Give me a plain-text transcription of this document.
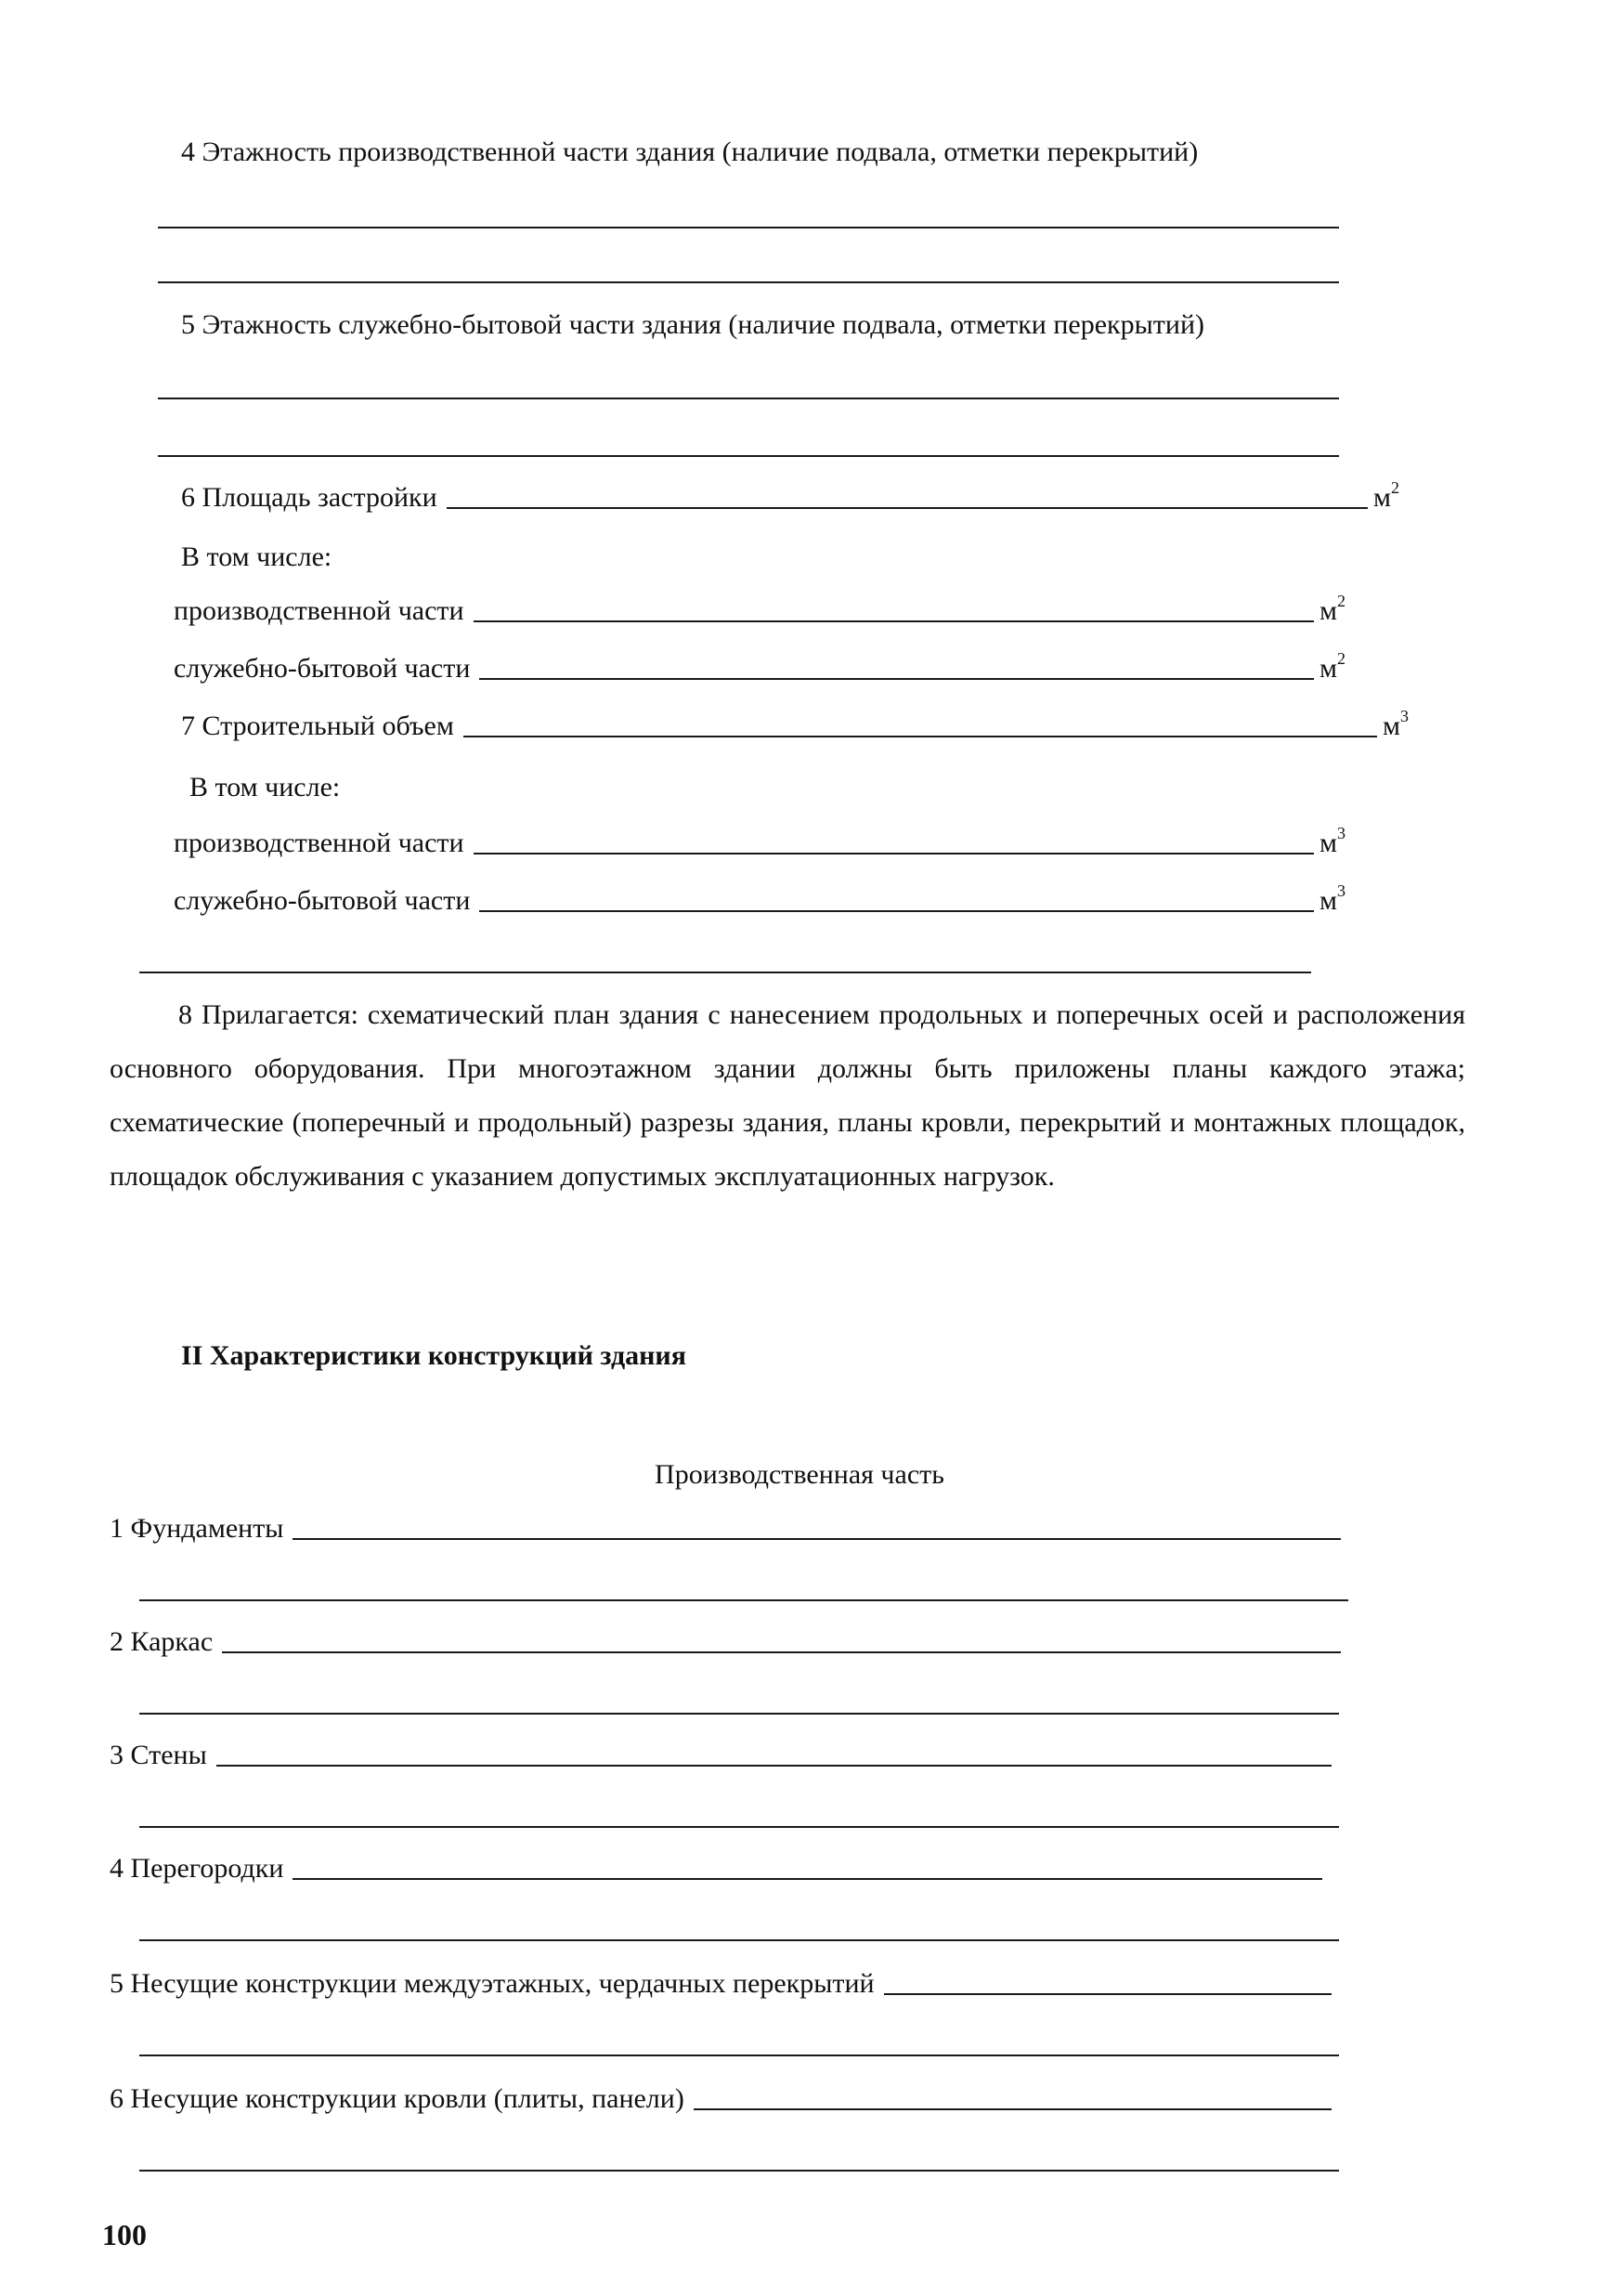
4 Этажность производственной части здания (наличие подвала, отметки перекрытий)
5 Этажность служебно-бытовой части здания (наличие подвала, отметки перекрытий)
6 Площадь застройки	$м^2$
В том числе:
производственной части	$м^2$
служебно-бытовой части	$м^2$
7 Строительный объем	$м^3$
В том числе:
производственной части	$м^3$
служебно-бытовой части	$м^3$
8 Прилагается: схематический план здания с нанесением продольных и поперечных осей и расположения основного оборудования. При многоэтажном здании должны быть приложены планы каждого этажа; схематические (поперечный и продольный) разрезы здания, планы кровли, перекрытий и монтажных площадок, площадок обслуживания с указанием допустимых эксплуатационных нагрузок.
II Характеристики конструкций здания
Производственная часть
1 Фундаменты
2 Каркас
3 Стены
4 Перегородки
5 Несущие конструкции междуэтажных, чердачных перекрытий
6 Несущие конструкции кровли (плиты, панели)
100
